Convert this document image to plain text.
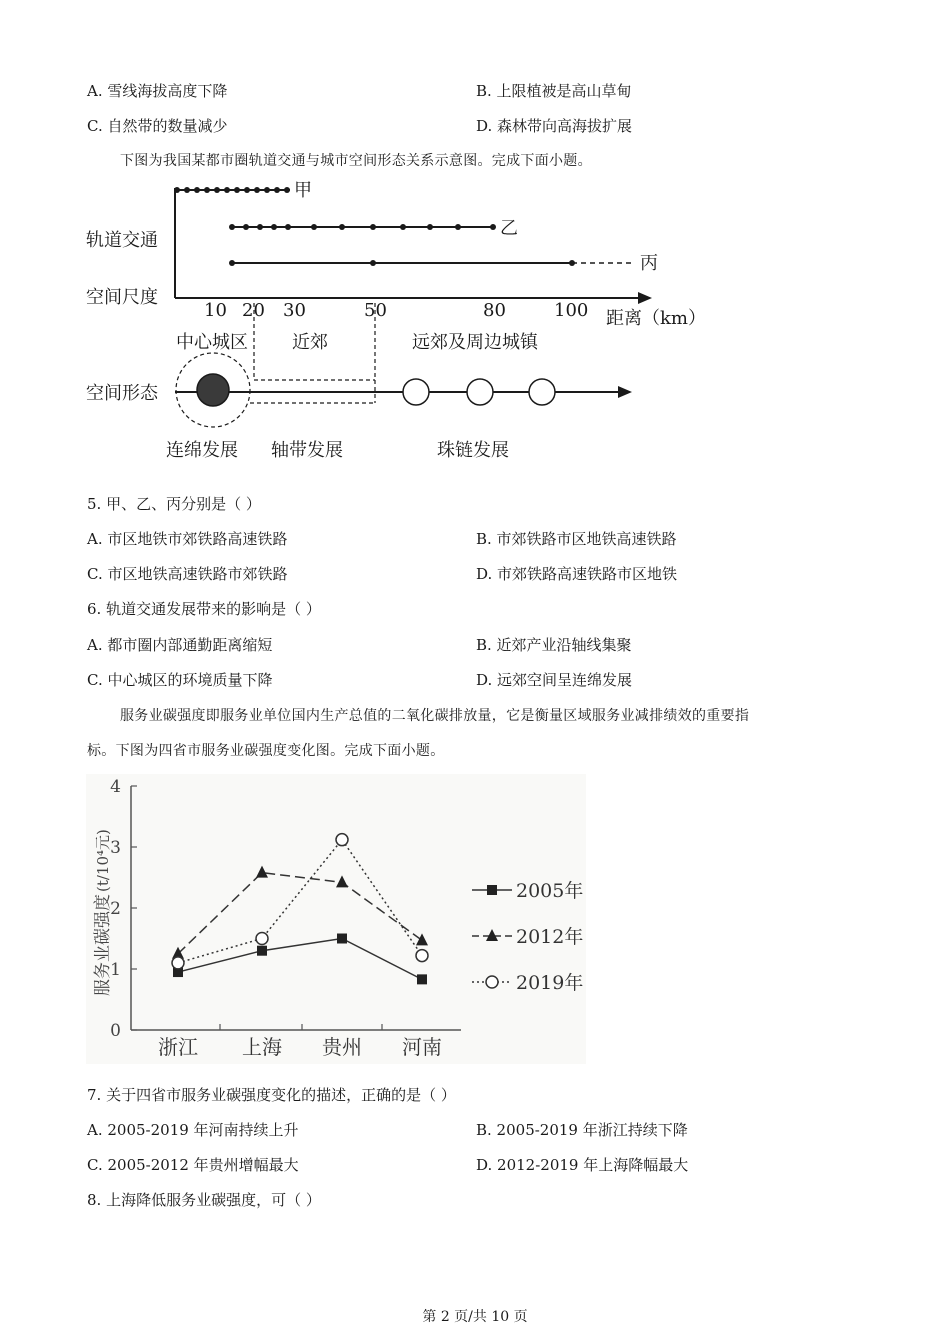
A. 雪线海拔高度下降	B. 上限植被是高山草甸
C. 自然带的数量减少	D. 森林带向高海拔扩展
下图为我国某都市圈轨道交通与城市空间形态关系示意图。完成下面小题。
甲
乙
丙
轨道交通
空间尺度
空间形态
10 20 30	50	80	100 距离（km）
中心城区 近郊	远郊及周边城镇
连绵发展 轴带发展	珠链发展
5. 甲、乙、丙分别是（ ）
A. 市区地铁市郊铁路高速铁路	B. 市郊铁路市区地铁高速铁路
C. 市区地铁高速铁路市郊铁路	D. 市郊铁路高速铁路市区地铁
6. 轨道交通发展带来的影响是（ ）
A. 都市圈内部通勤距离缩短	B. 近郊产业沿轴线集聚
C. 中心城区的环境质量下降	D. 远郊空间呈连绵发展
服务业碳强度即服务业单位国内生产总值的二氧化碳排放量，它是衡量区域服务业减排绩效的重要指
标。下图为四省市服务业碳强度变化图。完成下面小题。
服务业碳强度
(t/10⁴元)
0
1
2
3
4
浙江 上海 贵州 河南
2005年
2012年
2019年
7. 关于四省市服务业碳强度变化的描述，正确的是（ ）
A. 2005-2019 年河南持续上升	B. 2005-2019 年浙江持续下降
C. 2005-2012 年贵州增幅最大	D. 2012-2019 年上海降幅最大
8. 上海降低服务业碳强度，可（ ）
第 2 页/共 10 页
